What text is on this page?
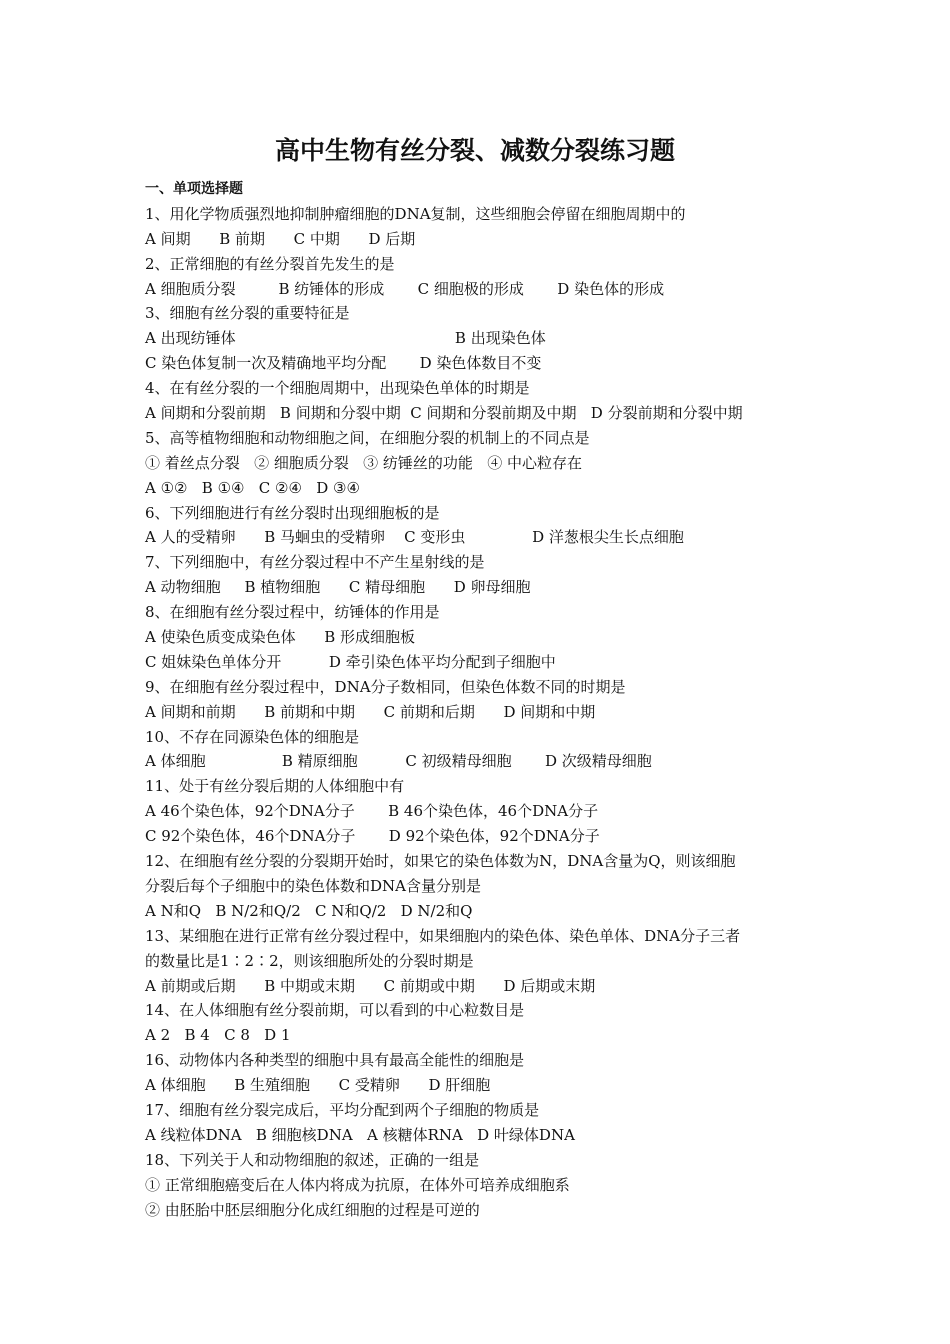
高中生物有丝分裂、减数分裂练习题
一、单项选择题
1、用化学物质强烈地抑制肿瘤细胞的DNA复制，这些细胞会停留在细胞周期中的
A 间期      B 前期      C 中期      D 后期
2、正常细胞的有丝分裂首先发生的是
A 细胞质分裂         B 纺锤体的形成       C 细胞极的形成       D 染色体的形成
3、细胞有丝分裂的重要特征是
A 出现纺锤体                                              B 出现染色体
C 染色体复制一次及精确地平均分配       D 染色体数目不变
4、在有丝分裂的一个细胞周期中，出现染色单体的时期是
A 间期和分裂前期   B 间期和分裂中期  C 间期和分裂前期及中期   D 分裂前期和分裂中期
5、高等植物细胞和动物细胞之间，在细胞分裂的机制上的不同点是
① 着丝点分裂   ② 细胞质分裂   ③ 纺锤丝的功能   ④ 中心粒存在
A ①②   B ①④   C ②④   D ③④
6、下列细胞进行有丝分裂时出现细胞板的是
A 人的受精卵      B 马蛔虫的受精卵    C 变形虫              D 洋葱根尖生长点细胞
7、下列细胞中，有丝分裂过程中不产生星射线的是
A 动物细胞     B 植物细胞      C 精母细胞      D 卵母细胞
8、在细胞有丝分裂过程中，纺锤体的作用是
A 使染色质变成染色体      B 形成细胞板
C 姐妹染色单体分开          D 牵引染色体平均分配到子细胞中
9、在细胞有丝分裂过程中，DNA分子数相同，但染色体数不同的时期是
A 间期和前期      B 前期和中期      C 前期和后期      D 间期和中期
10、不存在同源染色体的细胞是
A 体细胞                B 精原细胞          C 初级精母细胞       D 次级精母细胞
11、处于有丝分裂后期的人体细胞中有
A 46个染色体，92个DNA分子       B 46个染色体，46个DNA分子
C 92个染色体，46个DNA分子       D 92个染色体，92个DNA分子
12、在细胞有丝分裂的分裂期开始时，如果它的染色体数为N，DNA含量为Q，则该细胞
分裂后每个子细胞中的染色体数和DNA含量分别是
A N和Q   B N/2和Q/2   C N和Q/2   D N/2和Q
13、某细胞在进行正常有丝分裂过程中，如果细胞内的染色体、染色单体、DNA分子三者
的数量比是1∶2∶2，则该细胞所处的分裂时期是
A 前期或后期      B 中期或末期      C 前期或中期      D 后期或末期
14、在人体细胞有丝分裂前期，可以看到的中心粒数目是
A 2   B 4   C 8   D 1
16、动物体内各种类型的细胞中具有最高全能性的细胞是
A 体细胞      B 生殖细胞      C 受精卵      D 肝细胞
17、细胞有丝分裂完成后，平均分配到两个子细胞的物质是
A 线粒体DNA   B 细胞核DNA   A 核糖体RNA   D 叶绿体DNA
18、下列关于人和动物细胞的叙述，正确的一组是
① 正常细胞癌变后在人体内将成为抗原，在体外可培养成细胞系
② 由胚胎中胚层细胞分化成红细胞的过程是可逆的
